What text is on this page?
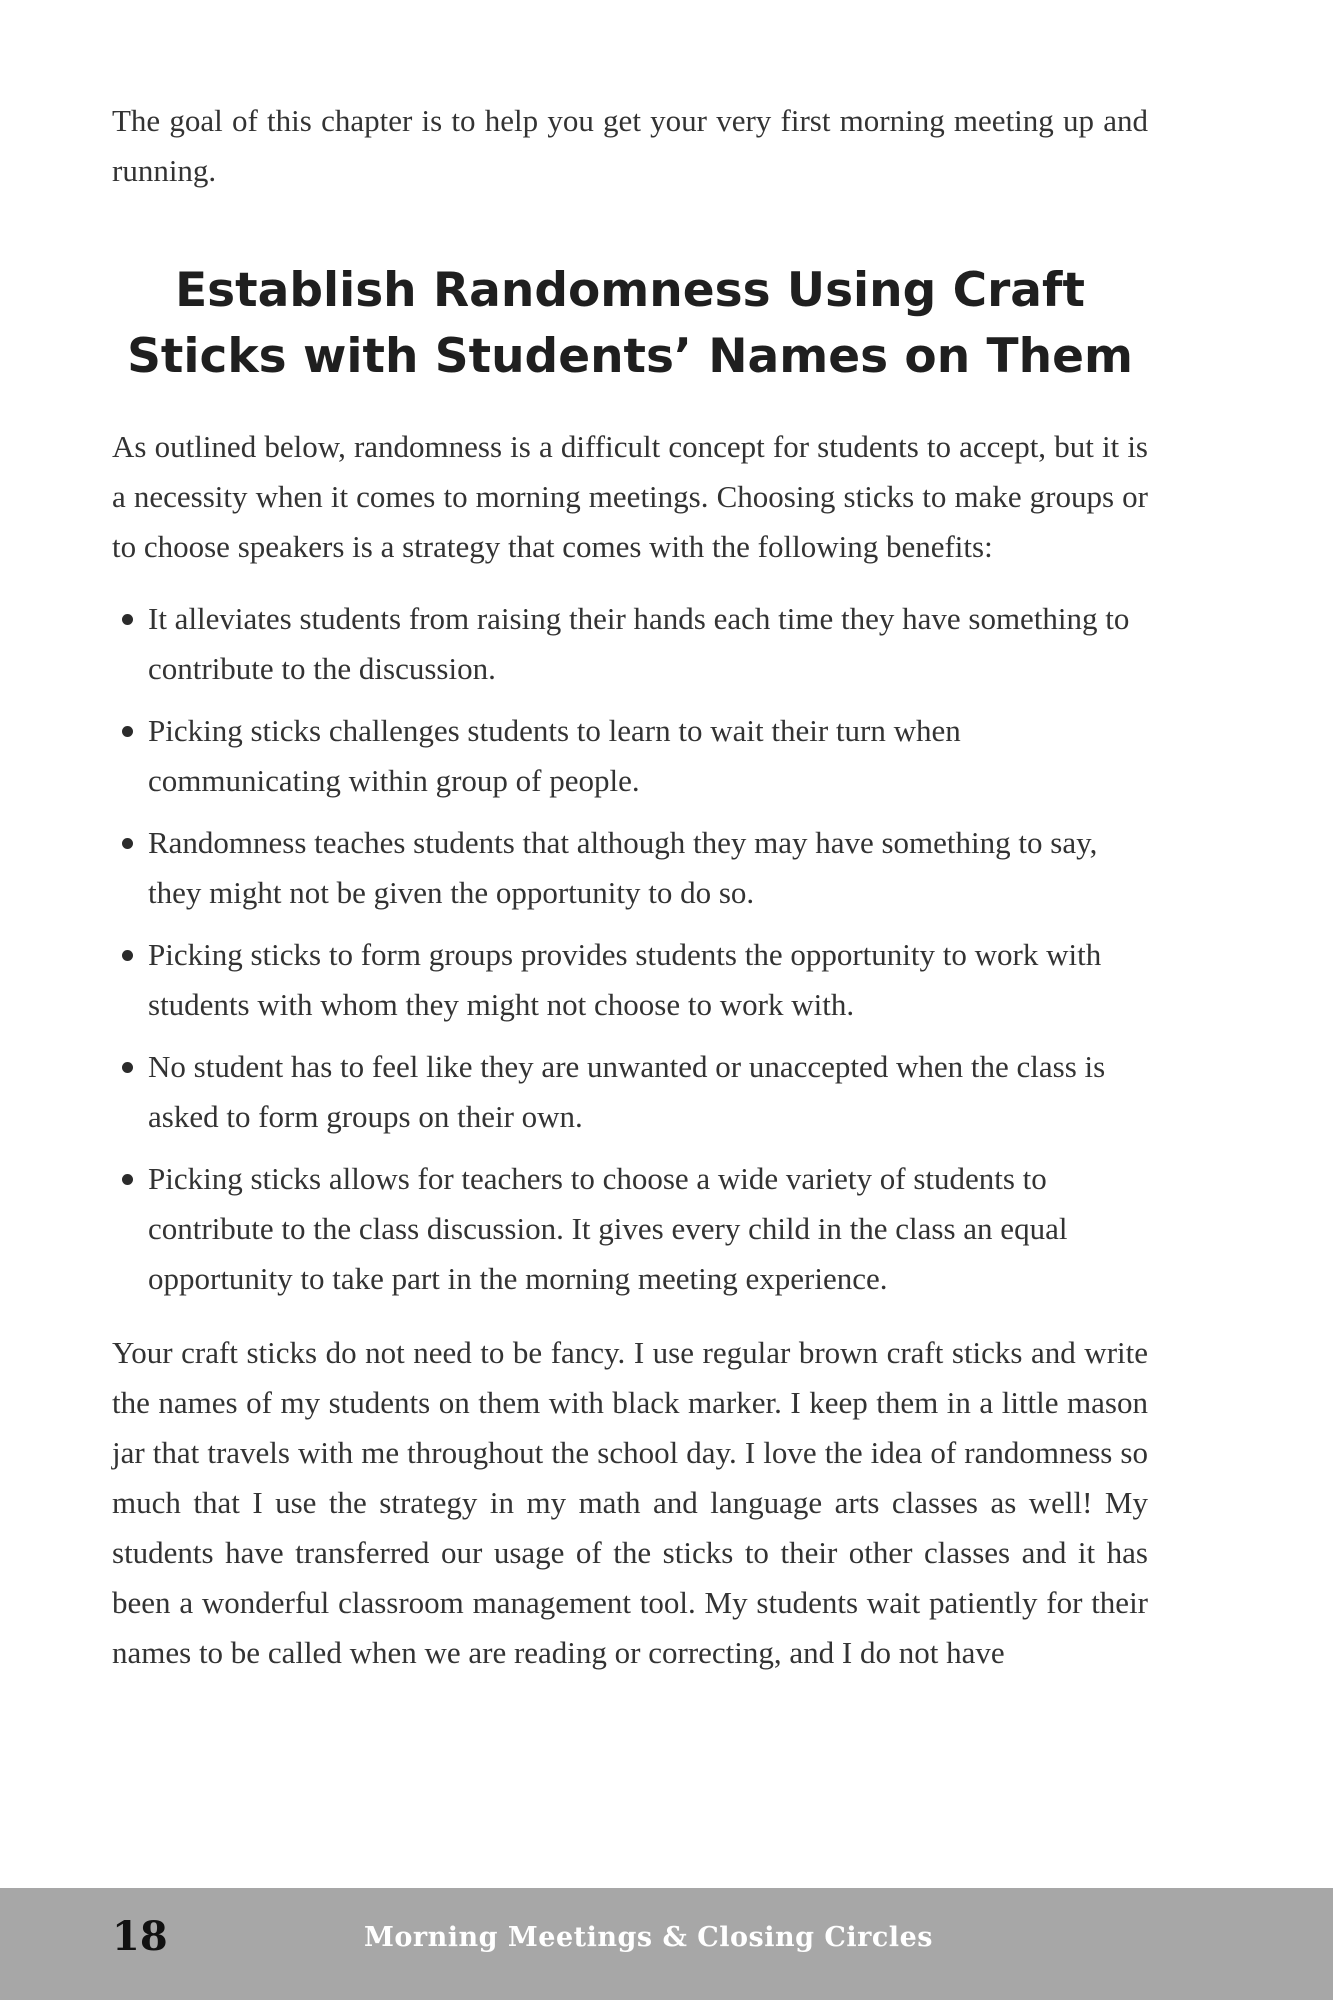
The goal of this chapter is to help you get your very first morning meeting up and running.

Establish Randomness Using Craft
Sticks with Students’ Names on Them

As outlined below, randomness is a difficult concept for students to accept, but it is a necessity when it comes to morning meetings. Choosing sticks to make groups or to choose speakers is a strategy that comes with the following benefits:

It alleviates students from raising their hands each time they have something to contribute to the discussion.
Picking sticks challenges students to learn to wait their turn when communicating within group of people.
Randomness teaches students that although they may have something to say, they might not be given the opportunity to do so.
Picking sticks to form groups provides students the opportunity to work with students with whom they might not choose to work with.
No student has to feel like they are unwanted or unaccepted when the class is asked to form groups on their own.
Picking sticks allows for teachers to choose a wide variety of students to contribute to the class discussion. It gives every child in the class an equal opportunity to take part in the morning meeting experience.

Your craft sticks do not need to be fancy. I use regular brown craft sticks and write the names of my students on them with black marker. I keep them in a little mason jar that travels with me throughout the school day. I love the idea of randomness so much that I use the strategy in my math and language arts classes as well! My students have transferred our usage of the sticks to their other classes and it has been a wonderful classroom management tool. My students wait patiently for their names to be called when we are reading or correcting, and I do not have

18	Morning Meetings & Closing Circles
